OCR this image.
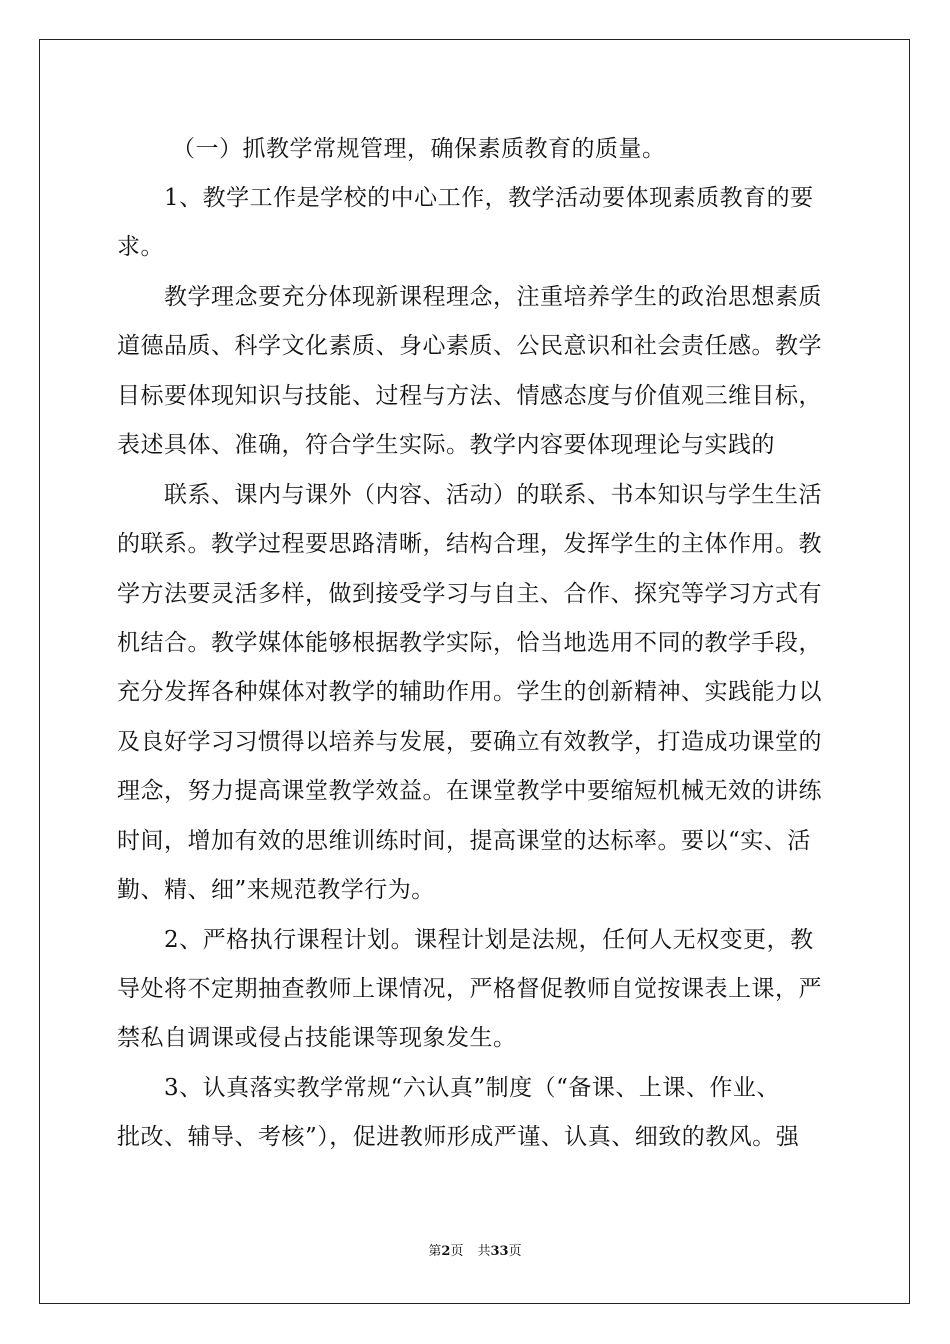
（一）抓教学常规管理，确保素质教育的质量。
1、教学工作是学校的中心工作，教学活动要体现素质教育的要
求。
教学理念要充分体现新课程理念，注重培养学生的政治思想素质
道德品质、科学文化素质、身心素质、公民意识和社会责任感。教学
目标要体现知识与技能、过程与方法、情感态度与价值观三维目标，
表述具体、准确，符合学生实际。教学内容要体现理论与实践的
联系、课内与课外（内容、活动）的联系、书本知识与学生生活
的联系。教学过程要思路清晰，结构合理，发挥学生的主体作用。教
学方法要灵活多样，做到接受学习与自主、合作、探究等学习方式有
机结合。教学媒体能够根据教学实际，恰当地选用不同的教学手段，
充分发挥各种媒体对教学的辅助作用。学生的创新精神、实践能力以
及良好学习习惯得以培养与发展，要确立有效教学，打造成功课堂的
理念，努力提高课堂教学效益。在课堂教学中要缩短机械无效的讲练
时间，增加有效的思维训练时间，提高课堂的达标率。要以“实、活
勤、精、细”来规范教学行为。
2、严格执行课程计划。课程计划是法规，任何人无权变更，教
导处将不定期抽查教师上课情况，严格督促教师自觉按课表上课，严
禁私自调课或侵占技能课等现象发生。
3、认真落实教学常规“六认真”制度（“备课、上课、作业、
批改、辅导、考核”），促进教师形成严谨、认真、细致的教风。强
第2页 共33页
